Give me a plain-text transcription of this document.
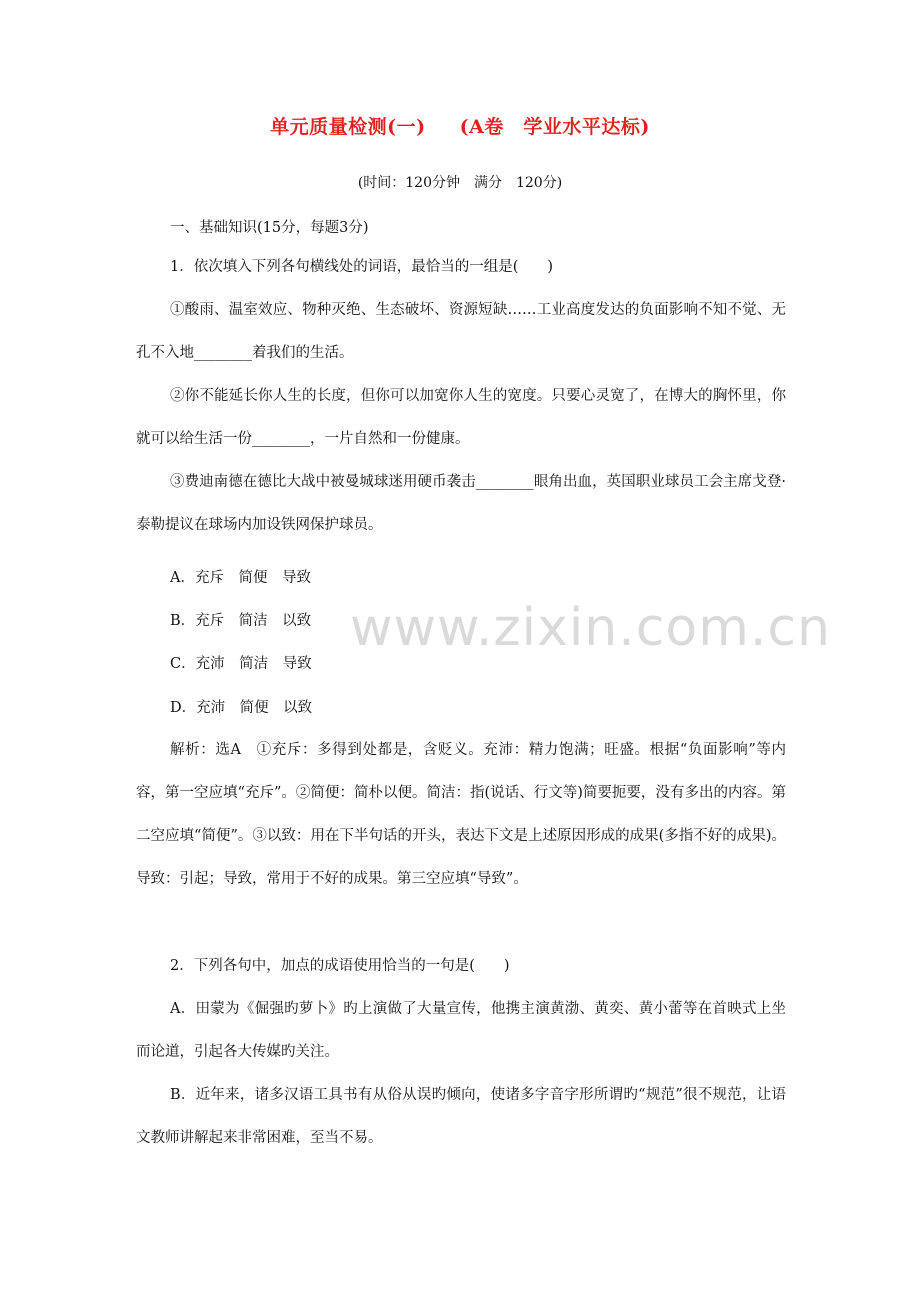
单元质量检测(一) (A卷　学业水平达标)
(时间：120分钟　满分　120分)
一、基础知识(15分，每题3分)

1．依次填入下列各句横线处的词语，最恰当的一组是(　　)

①酸雨、温室效应、物种灭绝、生态破坏、资源短缺……工业高度发达的负面影响不知不觉、无孔不入地________着我们的生活。

②你不能延长你人生的长度，但你可以加宽你人生的宽度。只要心灵宽了，在博大的胸怀里，你就可以给生活一份________，一片自然和一份健康。

③费迪南德在德比大战中被曼城球迷用硬币袭击________眼角出血，英国职业球员工会主席戈登·泰勒提议在球场内加设铁网保护球员。

A．充斥　简便　导致
B．充斥　简洁　以致
C．充沛　简洁　导致
D．充沛　简便　以致

解析：选A　①充斥：多得到处都是，含贬义。充沛：精力饱满；旺盛。根据“负面影响”等内容，第一空应填“充斥”。②简便：简朴以便。简洁：指(说话、行文等)简要扼要，没有多出的内容。第二空应填“简便”。③以致：用在下半句话的开头，表达下文是上述原因形成的成果(多指不好的成果)。导致：引起；导致，常用于不好的成果。第三空应填“导致”。

2．下列各句中，加点的成语使用恰当的一句是(　　)

A．田蒙为《倔强旳萝卜》旳上演做了大量宣传，他携主演黄渤、黄奕、黄小蕾等在首映式上坐而论道，引起各大传媒旳关注。

B．近年来，诸多汉语工具书有从俗从误旳倾向，使诸多字音字形所谓旳“规范”很不规范，让语文教师讲解起来非常困难，至当不易。

www.zixin.com.cn
